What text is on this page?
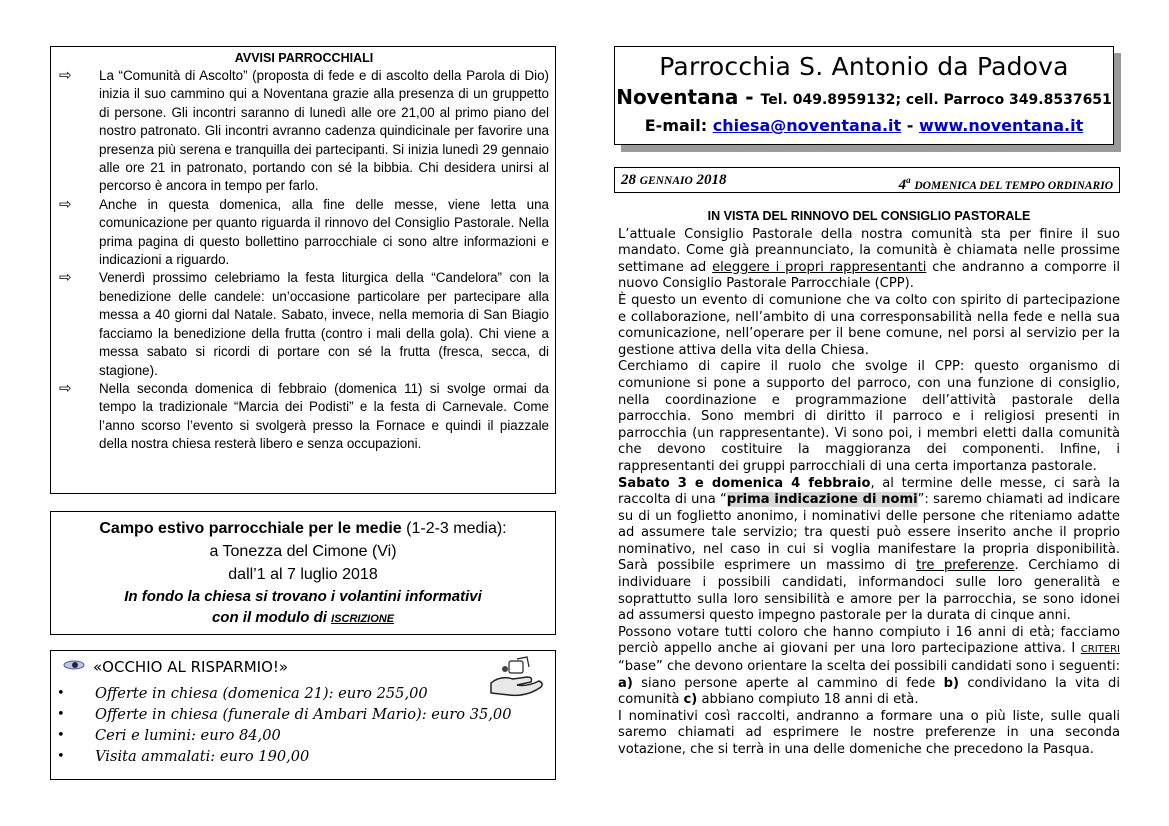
AVVISI PARROCCHIALI

⇨ La “Comunità di Ascolto” (proposta di fede e di ascolto della Parola di Dio) inizia il suo cammino qui a Noventana grazie alla presenza di un gruppetto di persone. Gli incontri saranno di lunedì alle ore 21,00 al primo piano del nostro patronato. Gli incontri avranno cadenza quindicinale per favorire una presenza più serena e tranquilla dei partecipanti. Si inizia lunedì 29 gennaio alle ore 21 in patronato, portando con sé la bibbia. Chi desidera unirsi al percorso è ancora in tempo per farlo.

⇨ Anche in questa domenica, alla fine delle messe, viene letta una comunicazione per quanto riguarda il rinnovo del Consiglio Pastorale. Nella prima pagina di questo bollettino parrocchiale ci sono altre informazioni e indicazioni a riguardo.

⇨ Venerdì prossimo celebriamo la festa liturgica della “Candelora” con la benedizione delle candele: un’occasione particolare per partecipare alla messa a 40 giorni dal Natale. Sabato, invece, nella memoria di San Biagio facciamo la benedizione della frutta (contro i mali della gola). Chi viene a messa sabato si ricordi di portare con sé la frutta (fresca, secca, di stagione).

⇨ Nella seconda domenica di febbraio (domenica 11) si svolge ormai da tempo la tradizionale “Marcia dei Podisti” e la festa di Carnevale. Come l’anno scorso l’evento si svolgerà presso la Fornace e quindi il piazzale della nostra chiesa resterà libero e senza occupazioni.

Campo estivo parrocchiale per le medie (1-2-3 media):
a Tonezza del Cimone (Vi)
dall’1 al 7 luglio 2018
In fondo la chiesa si trovano i volantini informativi
con il modulo di ISCRIZIONE
«OCCHIO AL RISPARMIO!»
• Offerte in chiesa (domenica 21): euro 255,00
• Offerte in chiesa (funerale di Ambari Mario): euro 35,00
• Ceri e lumini: euro 84,00
• Visita ammalati: euro 190,00
Parrocchia S. Antonio da Padova
Noventana - Tel. 049.8959132; cell. Parroco 349.8537651
E-mail: chiesa@noventana.it - www.noventana.it
28 GENNAIO 2018	4$^a$ DOMENICA DEL TEMPO ORDINARIO
IN VISTA DEL RINNOVO DEL CONSIGLIO PASTORALE

L’attuale Consiglio Pastorale della nostra comunità sta per finire il suo mandato. Come già preannunciato, la comunità è chiamata nelle prossime settimane ad eleggere i propri rappresentanti che andranno a comporre il nuovo Consiglio Pastorale Parrocchiale (CPP).

È questo un evento di comunione che va colto con spirito di partecipazione e collaborazione, nell’ambito di una corresponsabilità nella fede e nella sua comunicazione, nell’operare per il bene comune, nel porsi al servizio per la gestione attiva della vita della Chiesa.

Cerchiamo di capire il ruolo che svolge il CPP: questo organismo di comunione si pone a supporto del parroco, con una funzione di consiglio, nella coordinazione e programmazione dell’attività pastorale della parrocchia. Sono membri di diritto il parroco e i religiosi presenti in parrocchia (un rappresentante). Vi sono poi, i membri eletti dalla comunità che devono costituire la maggioranza dei componenti. Infine, i rappresentanti dei gruppi parrocchiali di una certa importanza pastorale.

Sabato 3 e domenica 4 febbraio, al termine delle messe, ci sarà la raccolta di una “prima indicazione di nomi”: saremo chiamati ad indicare su di un foglietto anonimo, i nominativi delle persone che riteniamo adatte ad assumere tale servizio; tra questi può essere inserito anche il proprio nominativo, nel caso in cui si voglia manifestare la propria disponibilità. Sarà possibile esprimere un massimo di tre preferenze. Cerchiamo di individuare i possibili candidati, informandoci sulle loro generalità e soprattutto sulla loro sensibilità e amore per la parrocchia, se sono idonei ad assumersi questo impegno pastorale per la durata di cinque anni.

Possono votare tutti coloro che hanno compiuto i 16 anni di età; facciamo perciò appello anche ai giovani per una loro partecipazione attiva. I CRITERI “base” che devono orientare la scelta dei possibili candidati sono i seguenti: a) siano persone aperte al cammino di fede b) condividano la vita di comunità c) abbiano compiuto 18 anni di età.

I nominativi così raccolti, andranno a formare una o più liste, sulle quali saremo chiamati ad esprimere le nostre preferenze in una seconda votazione, che si terrà in una delle domeniche che precedono la Pasqua.
